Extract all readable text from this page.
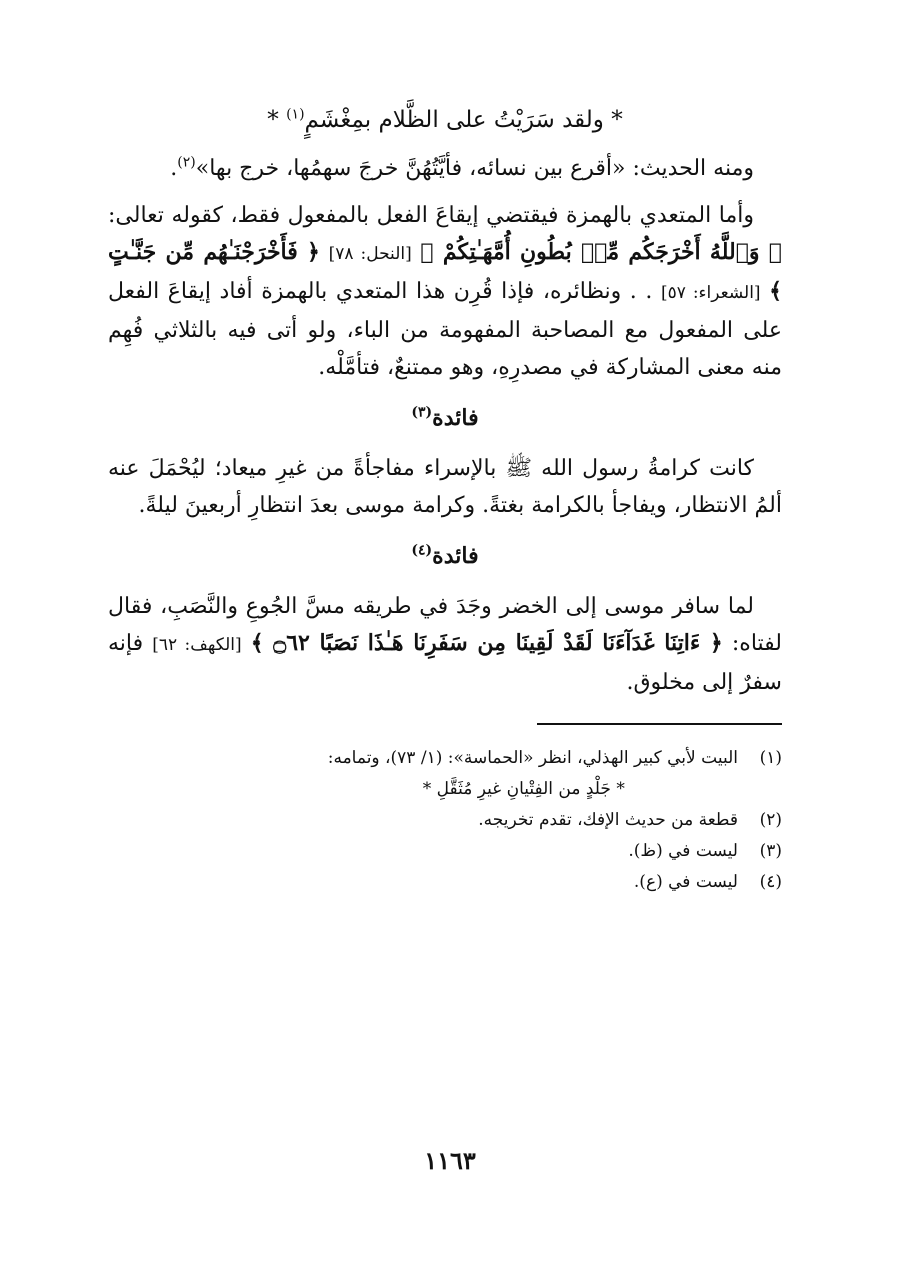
* ولقد سَرَيْتُ على الظَّلام بمِغْشَمٍ$^{(١)}$ *

ومنه الحديث: «أقرع بين نسائه، فأيَّتُهُنَّ خرجَ سهمُها، خرج بها»$^{(٢)}$.

وأما المتعدي بالهمزة فيقتضي إيقاعَ الفعل بالمفعول فقط، كقوله تعالى: ﴿ وَٱللَّهُ أَخْرَجَكُم مِّنۢ بُطُونِ أُمَّهَـٰتِكُمْ ﴾ [النحل: ٧٨] ﴿ فَأَخْرَجْنَـٰهُم مِّن جَنَّـٰتٍ ﴾ [الشعراء: ٥٧] . . ونظائره، فإذا قُرِن هذا المتعدي بالهمزة أفاد إيقاعَ الفعل على المفعول مع المصاحبة المفهومة من الباء، ولو أتى فيه بالثلاثي فُهِم منه معنى المشاركة في مصدرِهِ، وهو ممتنعٌ، فتأمَّلْه.

فائدة$^{(٣)}$

كانت كرامةُ رسول الله ﷺ بالإسراء مفاجأةً من غيرِ ميعاد؛ ليُحْمَلَ عنه ألمُ الانتظار، ويفاجأ بالكرامة بغتةً. وكرامة موسى بعدَ انتظارِ أربعينَ ليلةً.

فائدة$^{(٤)}$

لما سافر موسى إلى الخضر وجَدَ في طريقه مسَّ الجُوعِ والنَّصَبِ، فقال لفتاه: ﴿ ءَاتِنَا غَدَآءَنَا لَقَدْ لَقِينَا مِن سَفَرِنَا هَـٰذَا نَصَبًا ۝٦٢ ﴾ [الكهف: ٦٢] فإنه سفرٌ إلى مخلوق.

(١)
البيت لأبي كبير الهذلي، انظر «الحماسة»: (١/ ٧٣)، وتمامه:
* جَلْدٍ من الفِتْيانِ غيرِ مُثَقَّلِ *
(٢)
قطعة من حديث الإفك، تقدم تخريجه.
(٣)
ليست في (ظ).
(٤)
ليست في (ع).
١١٦٣
